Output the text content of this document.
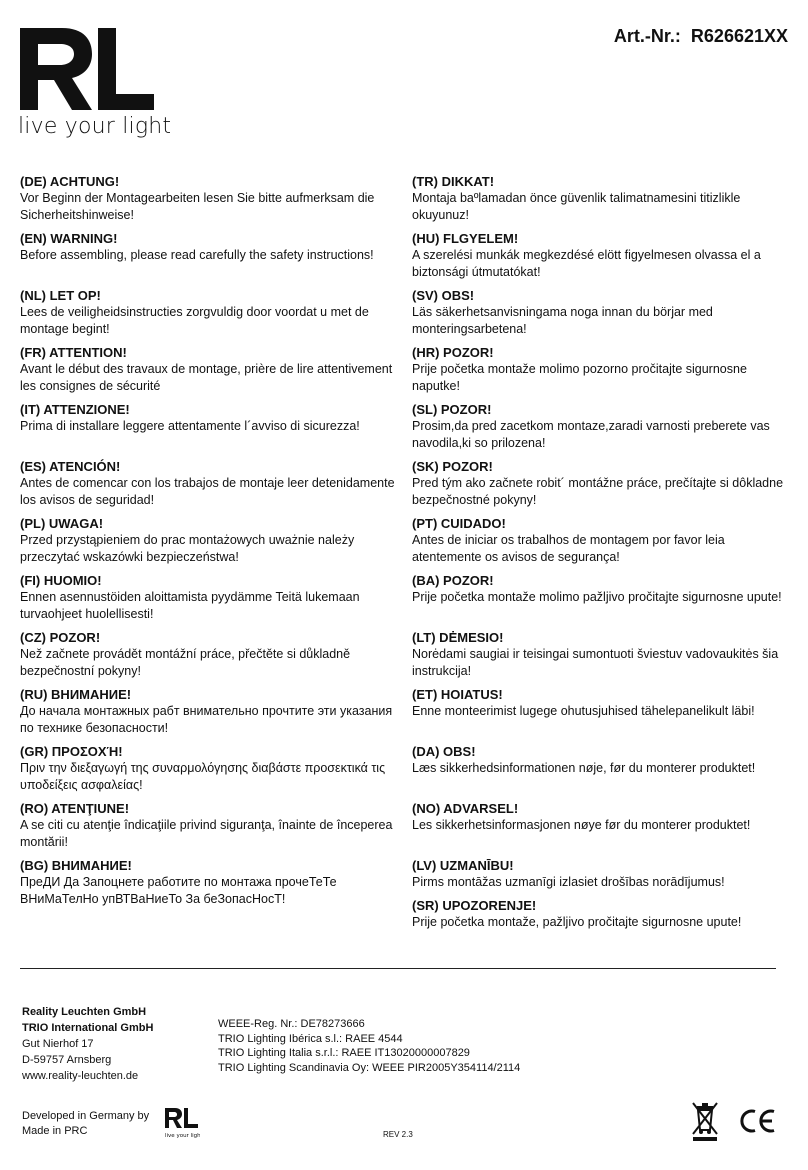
live your light
Art.-Nr.: R626621XX
(DE) ACHTUNG!
Vor Beginn der Montagearbeiten lesen Sie bitte aufmerksam die Sicherheitshinweise!
(EN) WARNING!
Before assembling, please read carefully the safety instructions!
(NL) LET OP!
Lees de veiligheidsinstructies zorgvuldig door voordat u met de montage begint!
(FR) ATTENTION!
Avant le début des travaux de montage, prière de lire attentivement les consignes de sécurité
(IT) ATTENZIONE!
Prima di installare leggere attentamente l´avviso di sicurezza!
(ES) ATENCIÓN!
Antes de comencar con los trabajos de montaje leer detenidamente los avisos de seguridad!
(PL) UWAGA!
Przed przystąpieniem do prac montażowych uważnie należy przeczytać wskazówki bezpieczeństwa!
(FI) HUOMIO!
Ennen asennustöiden aloittamista pyydämme Teitä lukemaan turvaohjeet huolellisesti!
(CZ) POZOR!
Než začnete provádět montážní práce, přečtěte si důkladně bezpečnostní pokyny!
(RU) ВНИМАНИЕ!
До начала монтажных рабт внимательно прочтите эти указания по технике безопасности!
(GR) ΠΡΟΣΟΧΉ!
Πριν την διεξαγωγή της συναρμολόγησης διαβάστε προσεκτικά τις υποδείξεις ασφαλείας!
(RO) ATENŢIUNE!
A se citi cu atenţie îndicaţiile privind siguranţa, înainte de începerea montării!
(BG) ВНИМАНИЕ!
ПреДИ Да Запоцнете работите по монтажа прочеТеТе ВНиМаТелНо упВТВаНиеТо За беЗопасНосТ!
(TR) DIKKAT!
Montaja baºlamadan önce güvenlik talimatnamesini titizlikle okuyunuz!
(HU) FLGYELEM!
A szerelési munkák megkezdésé elött figyelmesen olvassa el a biztonsági útmutatókat!
(SV) OBS!
Läs säkerhetsanvisningama noga innan du börjar med monteringsarbetena!
(HR) POZOR!
Prije početka montaže molimo pozorno pročitajte sigurnosne naputke!
(SL) POZOR!
Prosim,da pred zacetkom montaze,zaradi varnosti preberete vas navodila,ki so prilozena!
(SK) POZOR!
Pred tým ako začnete robit´ montážne práce, prečítajte si dôkladne bezpečnostné pokyny!
(PT) CUIDADO!
Antes de iniciar os trabalhos de montagem por favor leia atentemente os avisos de segurança!
(BA) POZOR!
Prije početka montaže molimo pažljivo pročitajte sigurnosne upute!
(LT) DĖMESIO!
Norėdami saugiai ir teisingai sumontuoti šviestuv vadovaukitės šia instrukcija!
(ET) HOIATUS!
Enne monteerimist lugege ohutusjuhised tähelepanelikult läbi!
(DA) OBS!
Læs sikkerhedsinformationen nøje, før du monterer produktet!
(NO) ADVARSEL!
Les sikkerhetsinformasjonen nøye før du monterer produktet!
(LV) UZMANĪBU!
Pirms montāžas uzmanīgi izlasiet drošības norādījumus!
(SR) UPOZORENJE!
Prije početka montaže, pažljivo pročitajte sigurnosne upute!
Reality Leuchten GmbH
TRIO International GmbH
Gut Nierhof 17
D-59757 Arnsberg
www.reality-leuchten.de
WEEE-Reg. Nr.: DE78273666
TRIO Lighting Ibérica s.l.: RAEE 4544
TRIO Lighting Italia s.r.l.: RAEE IT13020000007829
TRIO Lighting Scandinavia Oy: WEEE PIR2005Y354114/2114
Developed in Germany by
Made in PRC	live your light	REV 2.3
